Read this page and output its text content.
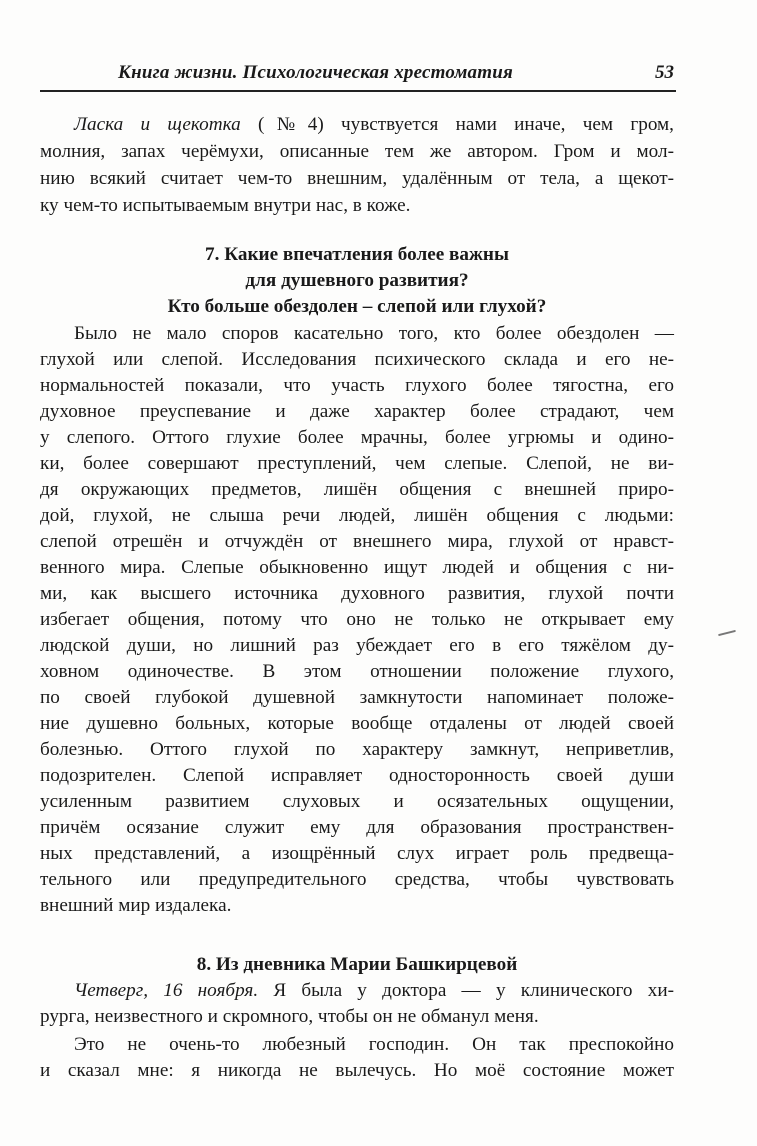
Книга жизни. Психологическая хрестоматия	53
Ласка и щекотка (№4) чувствуется нами иначе, чем гром,
молния, запах черёмухи, описанные тем же автором. Гром и мол-
нию всякий считает чем-то внешним, удалённым от тела, а щекот-
ку чем-то испытываемым внутри нас, в коже.
7. Какие впечатления более важны
для душевного развития?
Кто больше обездолен – слепой или глухой?
Было не мало споров касательно того, кто более обездолен —
глухой или слепой. Исследования психического склада и его не-
нормальностей показали, что участь глухого более тягостна, его
духовное преуспевание и даже характер более страдают, чем
у слепого. Оттого глухие более мрачны, более угрюмы и одино-
ки, более совершают преступлений, чем слепые. Слепой, не ви-
дя окружающих предметов, лишён общения с внешней приро-
дой, глухой, не слыша речи людей, лишён общения с людьми:
слепой отрешён и отчуждён от внешнего мира, глухой от нравст-
венного мира. Слепые обыкновенно ищут людей и общения с ни-
ми, как высшего источника духовного развития, глухой почти
избегает общения, потому что оно не только не открывает ему
людской души, но лишний раз убеждает его в его тяжёлом ду-
ховном одиночестве. В этом отношении положение глухого,
по своей глубокой душевной замкнутости напоминает положе-
ние душевно больных, которые вообще отдалены от людей своей
болезнью. Оттого глухой по характеру замкнут, неприветлив,
подозрителен. Слепой исправляет односторонность своей души
усиленным развитием слуховых и осязательных ощущении,
причём осязание служит ему для образования пространствен-
ных представлений, а изощрённый слух играет роль предвеща-
тельного или предупредительного средства, чтобы чувствовать
внешний мир издалека.
8. Из дневника Марии Башкирцевой
Четверг, 16 ноября. Я была у доктора — у клинического хи-
рурга, неизвестного и скромного, чтобы он не обманул меня.
Это не очень-то любезный господин. Он так преспокойно
и сказал мне: я никогда не вылечусь. Но моё состояние может
